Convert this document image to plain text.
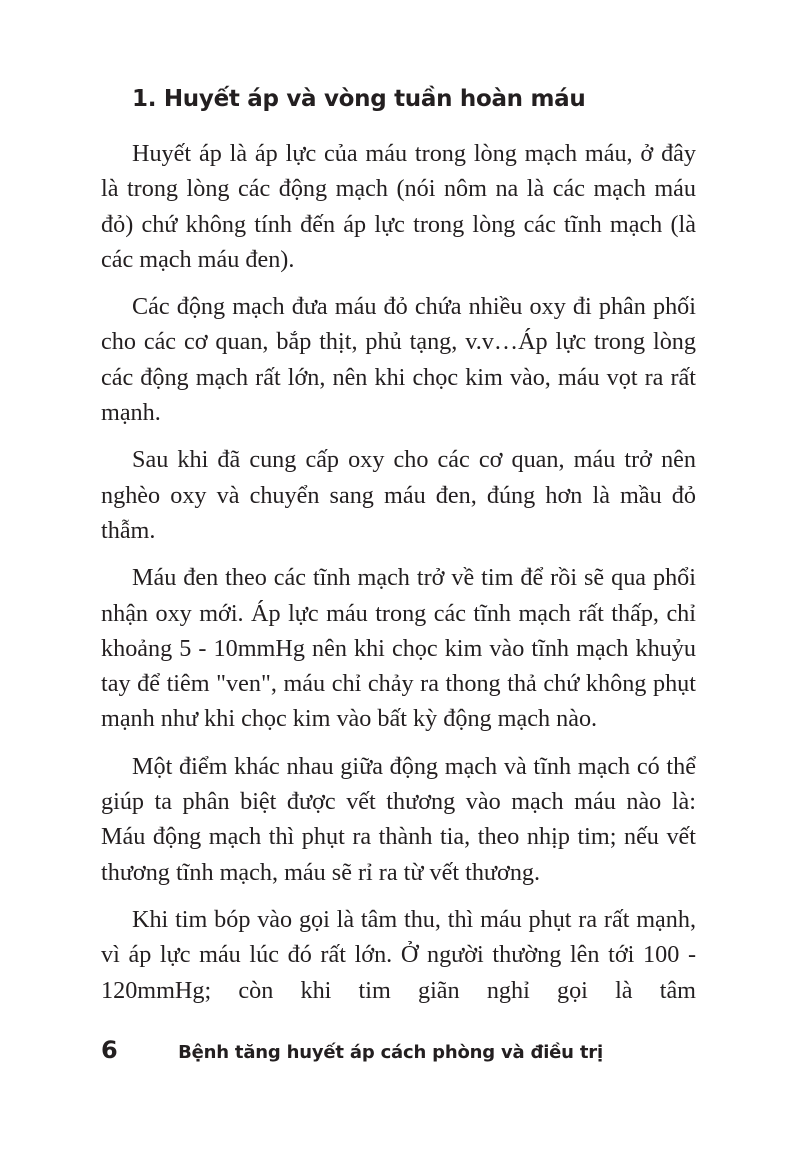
1. Huyết áp và vòng tuần hoàn máu

Huyết áp là áp lực của máu trong lòng mạch máu, ở đây là trong lòng các động mạch (nói nôm na là các mạch máu đỏ) chứ không tính đến áp lực trong lòng các tĩnh mạch (là các mạch máu đen).

Các động mạch đưa máu đỏ chứa nhiều oxy đi phân phối cho các cơ quan, bắp thịt, phủ tạng, v.v…Áp lực trong lòng các động mạch rất lớn, nên khi chọc kim vào, máu vọt ra rất mạnh.

Sau khi đã cung cấp oxy cho các cơ quan, máu trở nên nghèo oxy và chuyển sang máu đen, đúng hơn là mầu đỏ thẫm.

Máu đen theo các tĩnh mạch trở về tim để rồi sẽ qua phổi nhận oxy mới. Áp lực máu trong các tĩnh mạch rất thấp, chỉ khoảng 5 - 10mmHg nên khi chọc kim vào tĩnh mạch khuỷu tay để tiêm "ven", máu chỉ chảy ra thong thả chứ không phụt mạnh như khi chọc kim vào bất kỳ động mạch nào.

Một điểm khác nhau giữa động mạch và tĩnh mạch có thể giúp ta phân biệt được vết thương vào mạch máu nào là: Máu động mạch thì phụt ra thành tia, theo nhịp tim; nếu vết thương tĩnh mạch, máu sẽ rỉ ra từ vết thương.

Khi tim bóp vào gọi là tâm thu, thì máu phụt ra rất mạnh, vì áp lực máu lúc đó rất lớn. Ở người thường lên tới 100 - 120mmHg; còn khi tim giãn nghỉ gọi là tâm

6	Bệnh tăng huyết áp cách phòng và điều trị
